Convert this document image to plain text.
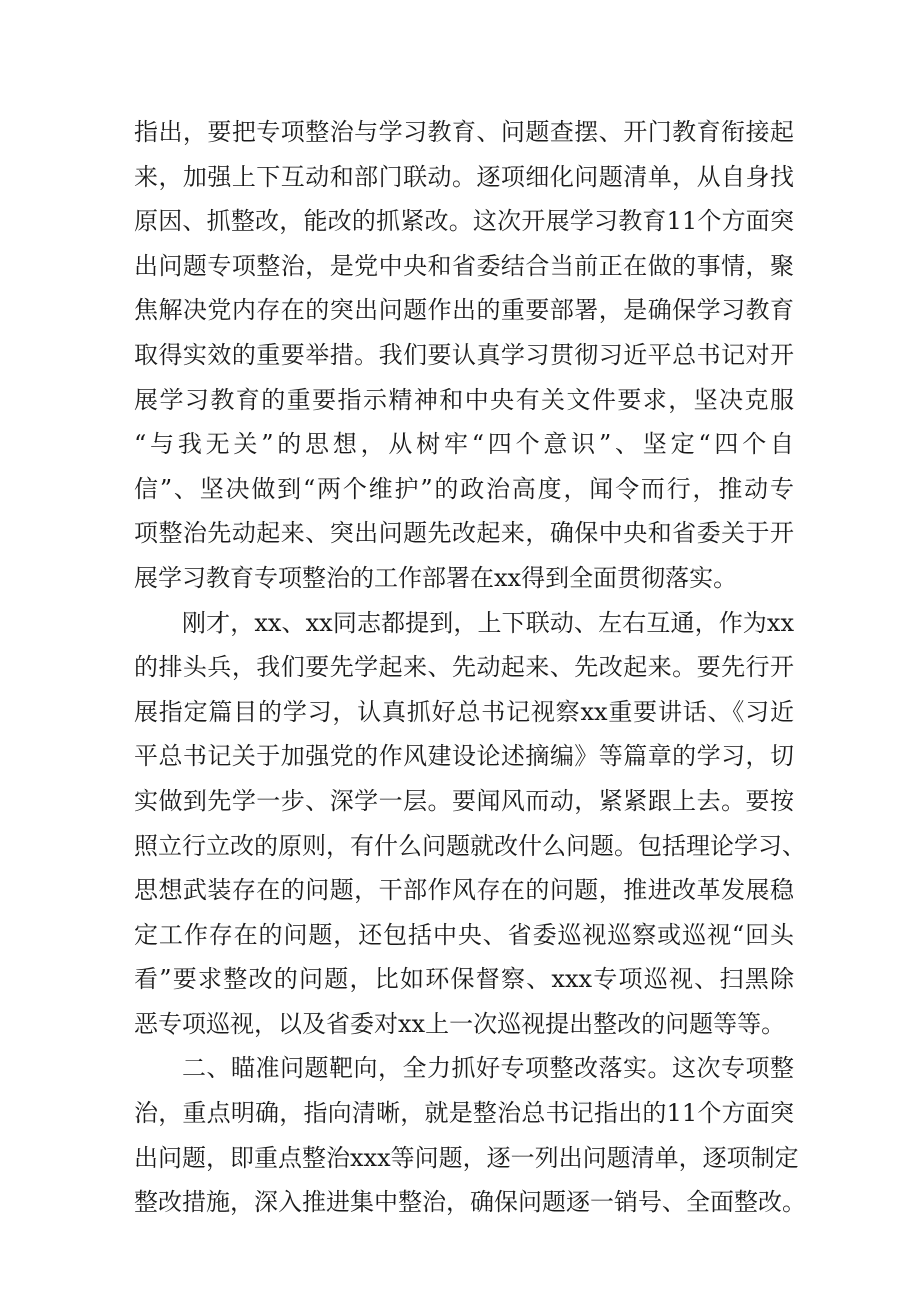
指出，要把专项整治与学习教育、问题查摆、开门教育衔接起
来，加强上下互动和部门联动。逐项细化问题清单，从自身找
原因、抓整改，能改的抓紧改。这次开展学习教育11个方面突
出问题专项整治，是党中央和省委结合当前正在做的事情，聚
焦解决党内存在的突出问题作出的重要部署，是确保学习教育
取得实效的重要举措。我们要认真学习贯彻习近平总书记对开
展学习教育的重要指示精神和中央有关文件要求，坚决克服
“与我无关”的思想，从树牢“四个意识”、坚定“四个自
信”、坚决做到“两个维护”的政治高度，闻令而行，推动专
项整治先动起来、突出问题先改起来，确保中央和省委关于开
展学习教育专项整治的工作部署在xx得到全面贯彻落实。
刚才，xx、xx同志都提到，上下联动、左右互通，作为xx
的排头兵，我们要先学起来、先动起来、先改起来。要先行开
展指定篇目的学习，认真抓好总书记视察xx重要讲话、《习近
平总书记关于加强党的作风建设论述摘编》等篇章的学习，切
实做到先学一步、深学一层。要闻风而动，紧紧跟上去。要按
照立行立改的原则，有什么问题就改什么问题。包括理论学习、
思想武装存在的问题，干部作风存在的问题，推进改革发展稳
定工作存在的问题，还包括中央、省委巡视巡察或巡视“回头
看”要求整改的问题，比如环保督察、xxx专项巡视、扫黑除
恶专项巡视，以及省委对xx上一次巡视提出整改的问题等等。
二、瞄准问题靶向，全力抓好专项整改落实。这次专项整
治，重点明确，指向清晰，就是整治总书记指出的11个方面突
出问题，即重点整治xxx等问题，逐一列出问题清单，逐项制定
整改措施，深入推进集中整治，确保问题逐一销号、全面整改。
